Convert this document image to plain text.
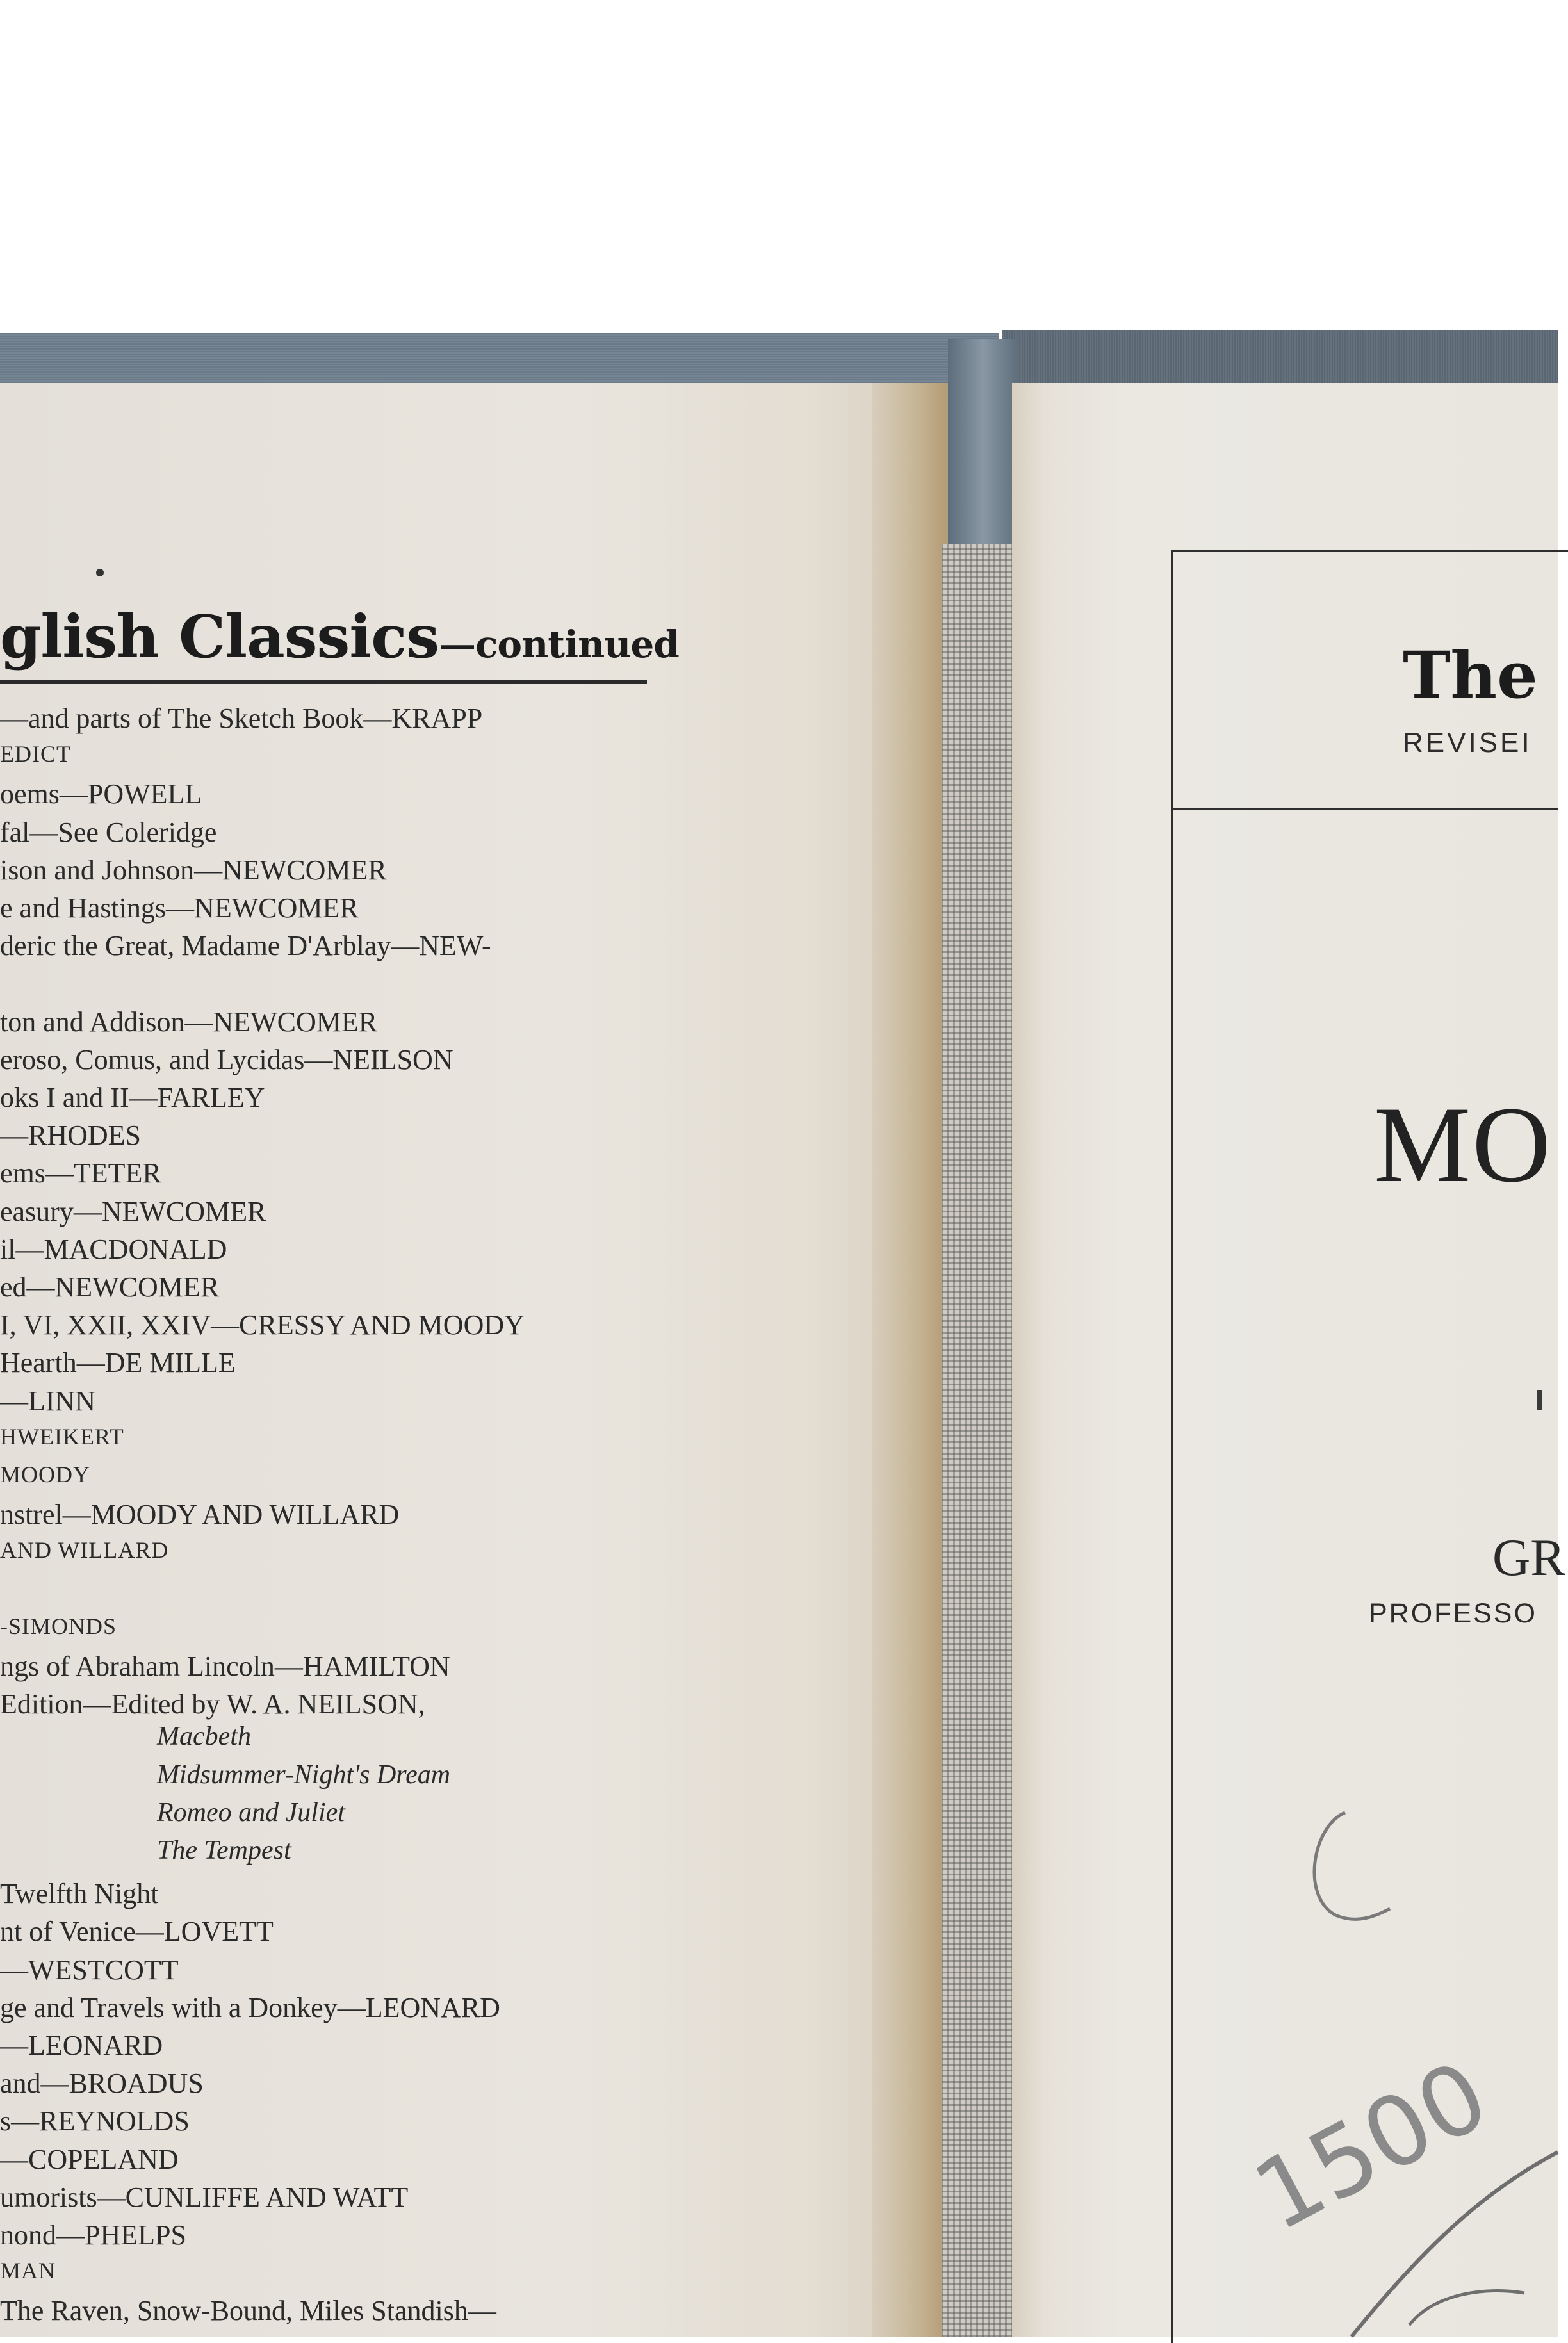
glish Classics—continued
—and parts of The Sketch Book—KRAPP
EDICT
oems—POWELL
fal—See Coleridge
ison and Johnson—NEWCOMER
e and Hastings—NEWCOMER
deric the Great, Madame D'Arblay—NEW-
ton and Addison—NEWCOMER
eroso, Comus, and Lycidas—NEILSON
oks I and II—FARLEY
—RHODES
ems—TETER
easury—NEWCOMER
il—MACDONALD
ed—NEWCOMER
I, VI, XXII, XXIV—CRESSY AND MOODY
Hearth—DE MILLE
—LINN
HWEIKERT
MOODY
nstrel—MOODY AND WILLARD
AND WILLARD
-SIMONDS
ngs of Abraham Lincoln—HAMILTON
Edition—Edited by W. A. NEILSON,
Macbeth
Midsummer-Night's Dream
Romeo and Juliet
The Tempest
Twelfth Night
nt of Venice—LOVETT
—WESTCOTT
ge and Travels with a Donkey—LEONARD
—LEONARD
and—BROADUS
s—REYNOLDS
—COPELAND
umorists—CUNLIFFE AND WATT
nond—PHELPS
MAN
The Raven, Snow-Bound, Miles Standish—
The
REVISEI
MO
GR
PROFESSO
1500
